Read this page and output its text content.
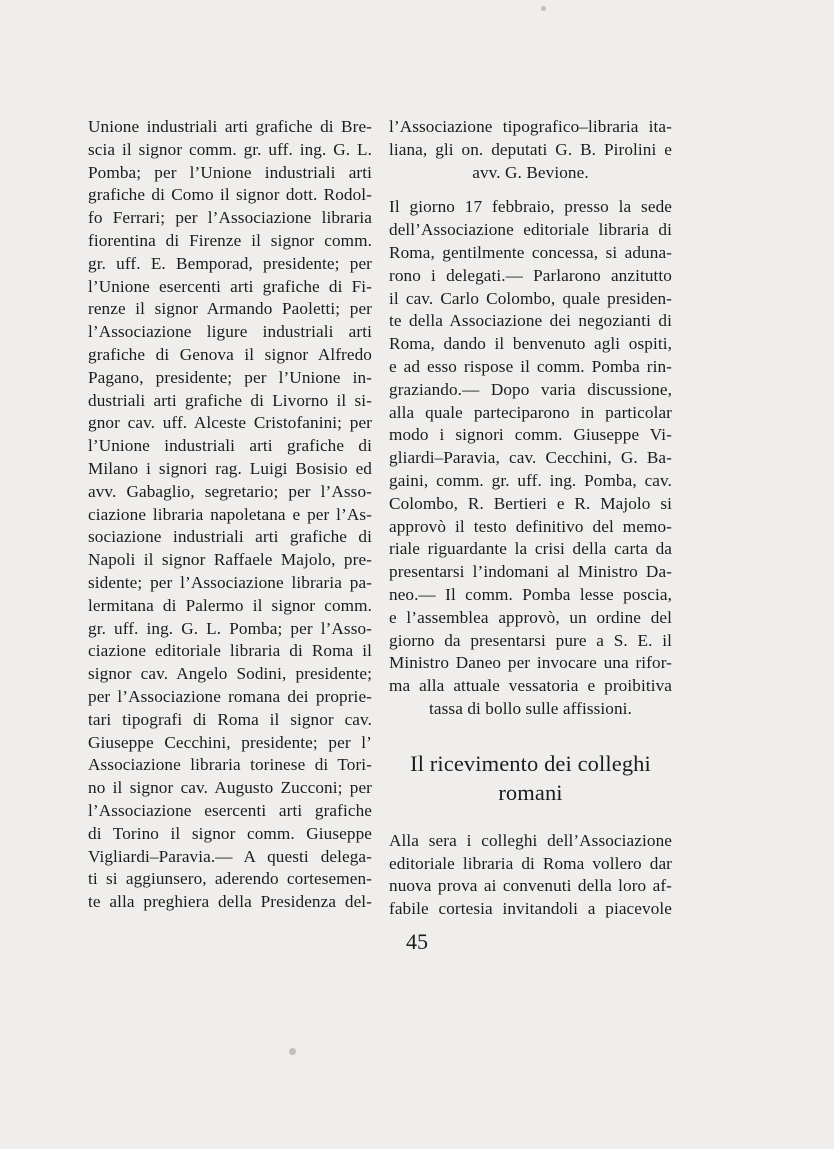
Unione industriali arti grafiche di Bre-
scia il signor comm. gr. uff. ing. G. L.
Pomba; per l’Unione industriali arti
grafiche di Como il signor dott. Rodol-
fo Ferrari; per l’Associazione libraria
fiorentina di Firenze il signor comm.
gr. uff. E. Bemporad, presidente; per
l’Unione esercenti arti grafiche di Fi-
renze il signor Armando Paoletti; per
l’Associazione ligure industriali arti
grafiche di Genova il signor Alfredo
Pagano, presidente; per l’Unione in-
dustriali arti grafiche di Livorno il si-
gnor cav. uff. Alceste Cristofanini; per
l’Unione industriali arti grafiche di
Milano i signori rag. Luigi Bosisio ed
avv. Gabaglio, segretario; per l’Asso-
ciazione libraria napoletana e per l’As-
sociazione industriali arti grafiche di
Napoli il signor Raffaele Majolo, pre-
sidente; per l’Associazione libraria pa-
lermitana di Palermo il signor comm.
gr. uff. ing. G. L. Pomba; per l’Asso-
ciazione editoriale libraria di Roma il
signor cav. Angelo Sodini, presidente;
per l’Associazione romana dei proprie-
tari tipografi di Roma il signor cav.
Giuseppe Cecchini, presidente; per l’
Associazione libraria torinese di Tori-
no il signor cav. Augusto Zucconi; per
l’Associazione esercenti arti grafiche
di Torino il signor comm. Giuseppe
Vigliardi–Paravia.— A questi delega-
ti si aggiunsero, aderendo cortesemen-
te alla preghiera della Presidenza del-
l’Associazione tipografico–libraria ita-
liana, gli on. deputati G. B. Pirolini e
avv. G. Bevione.
Il giorno 17 febbraio, presso la sede
dell’Associazione editoriale libraria di
Roma, gentilmente concessa, si aduna-
rono i delegati.— Parlarono anzitutto
il cav. Carlo Colombo, quale presiden-
te della Associazione dei negozianti di
Roma, dando il benvenuto agli ospiti,
e ad esso rispose il comm. Pomba rin-
graziando.— Dopo varia discussione,
alla quale parteciparono in particolar
modo i signori comm. Giuseppe Vi-
gliardi–Paravia, cav. Cecchini, G. Ba-
gaini, comm. gr. uff. ing. Pomba, cav.
Colombo, R. Bertieri e R. Majolo si
approvò il testo definitivo del memo-
riale riguardante la crisi della carta da
presentarsi l’indomani al Ministro Da-
neo.— Il comm. Pomba lesse poscia,
e l’assemblea approvò, un ordine del
giorno da presentarsi pure a S. E. il
Ministro Daneo per invocare una rifor-
ma alla attuale vessatoria e proibitiva
tassa di bollo sulle affissioni.
Il ricevimento dei colleghi
romani
Alla sera i colleghi dell’Associazione
editoriale libraria di Roma vollero dar
nuova prova ai convenuti della loro af-
fabile cortesia invitandoli a piacevole
45
